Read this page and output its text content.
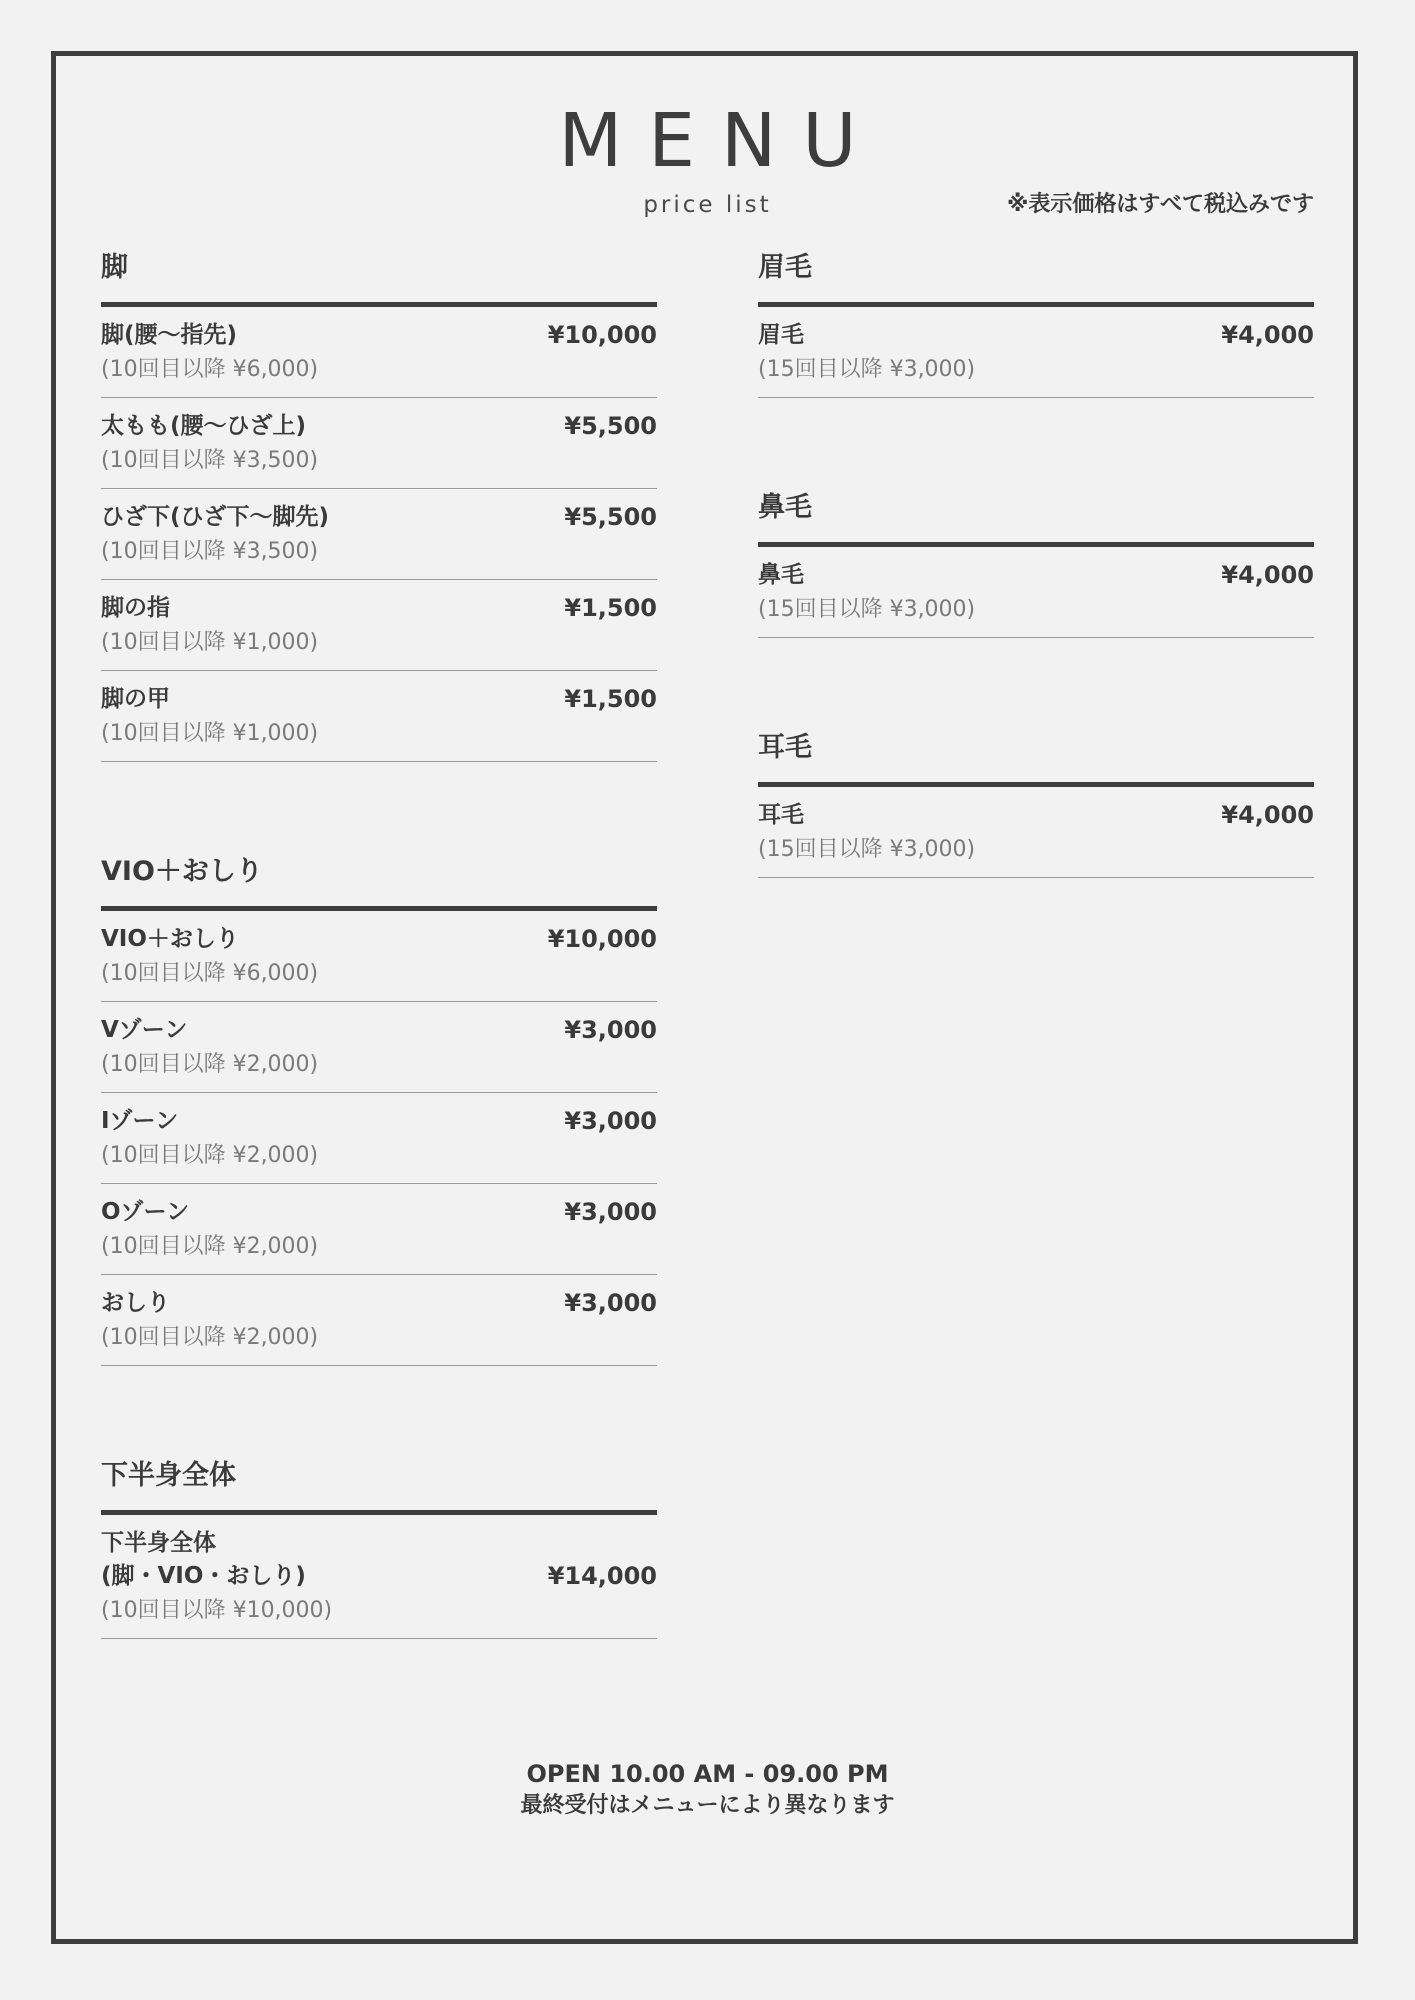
MENU
price list	※表示価格はすべて税込みです
脚
脚(腰〜指先)	¥10,000
(10回目以降 ¥6,000)
太もも(腰〜ひざ上)	¥5,500
(10回目以降 ¥3,500)
ひざ下(ひざ下〜脚先)	¥5,500
(10回目以降 ¥3,500)
脚の指	¥1,500
(10回目以降 ¥1,000)
脚の甲	¥1,500
(10回目以降 ¥1,000)
VIO＋おしり
VIO＋おしり	¥10,000
(10回目以降 ¥6,000)
Vゾーン	¥3,000
(10回目以降 ¥2,000)
Iゾーン	¥3,000
(10回目以降 ¥2,000)
Oゾーン	¥3,000
(10回目以降 ¥2,000)
おしり	¥3,000
(10回目以降 ¥2,000)
下半身全体
下半身全体
(脚・VIO・おしり)	¥14,000
(10回目以降 ¥10,000)
眉毛
眉毛	¥4,000
(15回目以降 ¥3,000)
鼻毛
鼻毛	¥4,000
(15回目以降 ¥3,000)
耳毛
耳毛	¥4,000
(15回目以降 ¥3,000)
OPEN 10.00 AM - 09.00 PM
最終受付はメニューにより異なります
